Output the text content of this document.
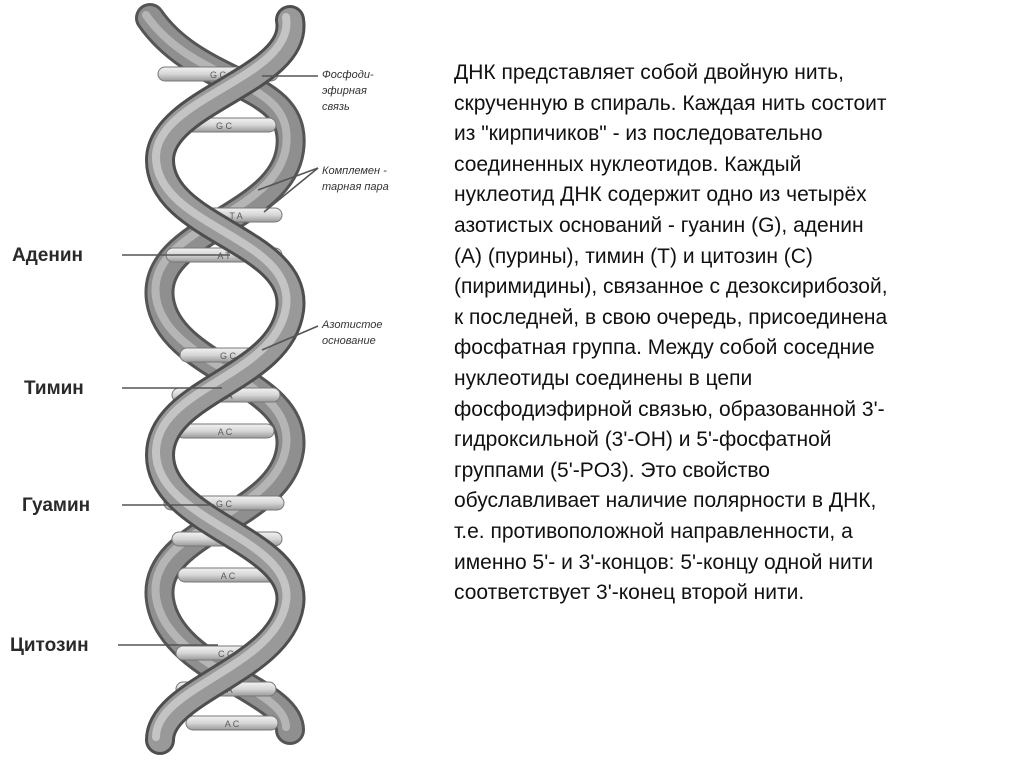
G C
G C
T A
A T
G C
T A
A C
G C
T A
A C
C G
T A
A C
Аденин
Тимин
Гуамин
Цитозин
Фосфоди-
эфирная
связь
Комплемен -
тарная пара
Азотистое
основание
ДНК представляет собой двойную нить,
скрученную в спираль. Каждая нить состоит
из "кирпичиков" - из последовательно
соединенных нуклеотидов. Каждый
нуклеотид ДНК содержит одно из четырёх
азотистых оснований - гуанин (G), аденин
(A) (пурины), тимин (T) и цитозин (C)
(пиримидины), связанное с дезоксирибозой,
к последней, в свою очередь, присоединена
фосфатная группа. Между собой соседние
нуклеотиды соединены в цепи
фосфодиэфирной связью, образованной 3'-
гидроксильной (3'-OH) и 5'-фосфатной
группами (5'-PO3). Это свойство
обуславливает наличие полярности в ДНК,
т.е. противоположной направленности, а
именно 5'- и 3'-концов: 5'-концу одной нити
соответствует 3'-конец второй нити.
